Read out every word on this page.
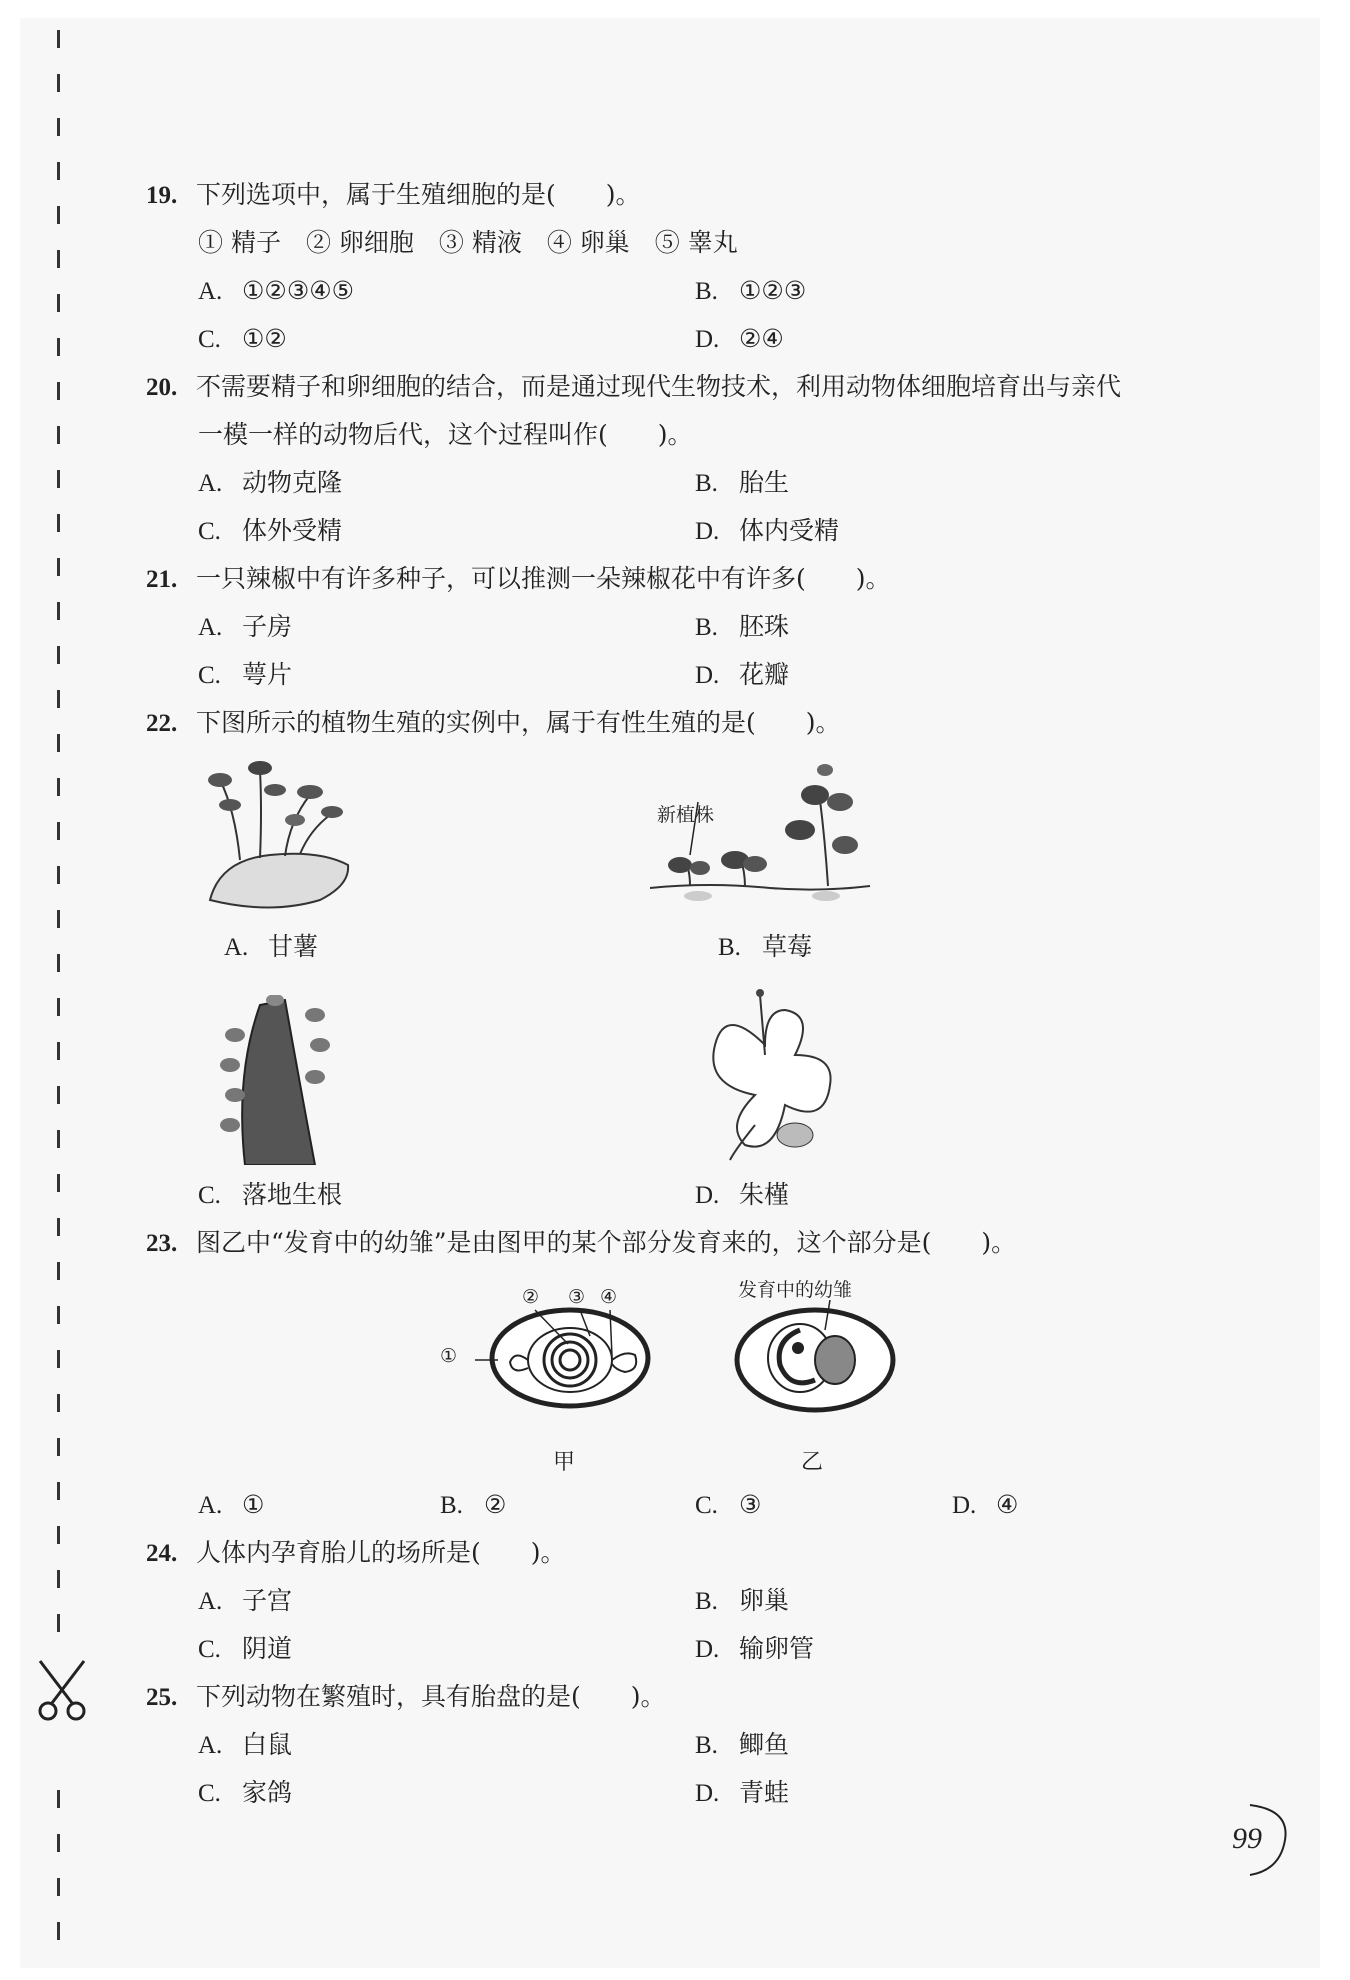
19. 下列选项中，属于生殖细胞的是(　　)。
① 精子　② 卵细胞　③ 精液　④ 卵巢　⑤ 睾丸
A. ①②③④⑤	B. ①②③
C. ①②	D. ②④
20. 不需要精子和卵细胞的结合，而是通过现代生物技术，利用动物体细胞培育出与亲代
一模一样的动物后代，这个过程叫作(　　)。
A. 动物克隆	B. 胎生
C. 体外受精	D. 体内受精
21. 一只辣椒中有许多种子，可以推测一朵辣椒花中有许多(　　)。
A. 子房	B. 胚珠
C. 萼片	D. 花瓣
22. 下图所示的植物生殖的实例中，属于有性生殖的是(　　)。
A. 甘薯
新植株
B. 草莓
C. 落地生根	D. 朱槿
23. 图乙中“发育中的幼雏”是由图甲的某个部分发育来的，这个部分是(　　)。
①
② ③ ④
甲
发育中的幼雏
乙
A. ①	B. ②	C. ③	D. ④
24. 人体内孕育胎儿的场所是(　　)。
A. 子宫	B. 卵巢
C. 阴道	D. 输卵管
25. 下列动物在繁殖时，具有胎盘的是(　　)。
A. 白鼠	B. 鲫鱼
C. 家鸽	D. 青蛙
99
